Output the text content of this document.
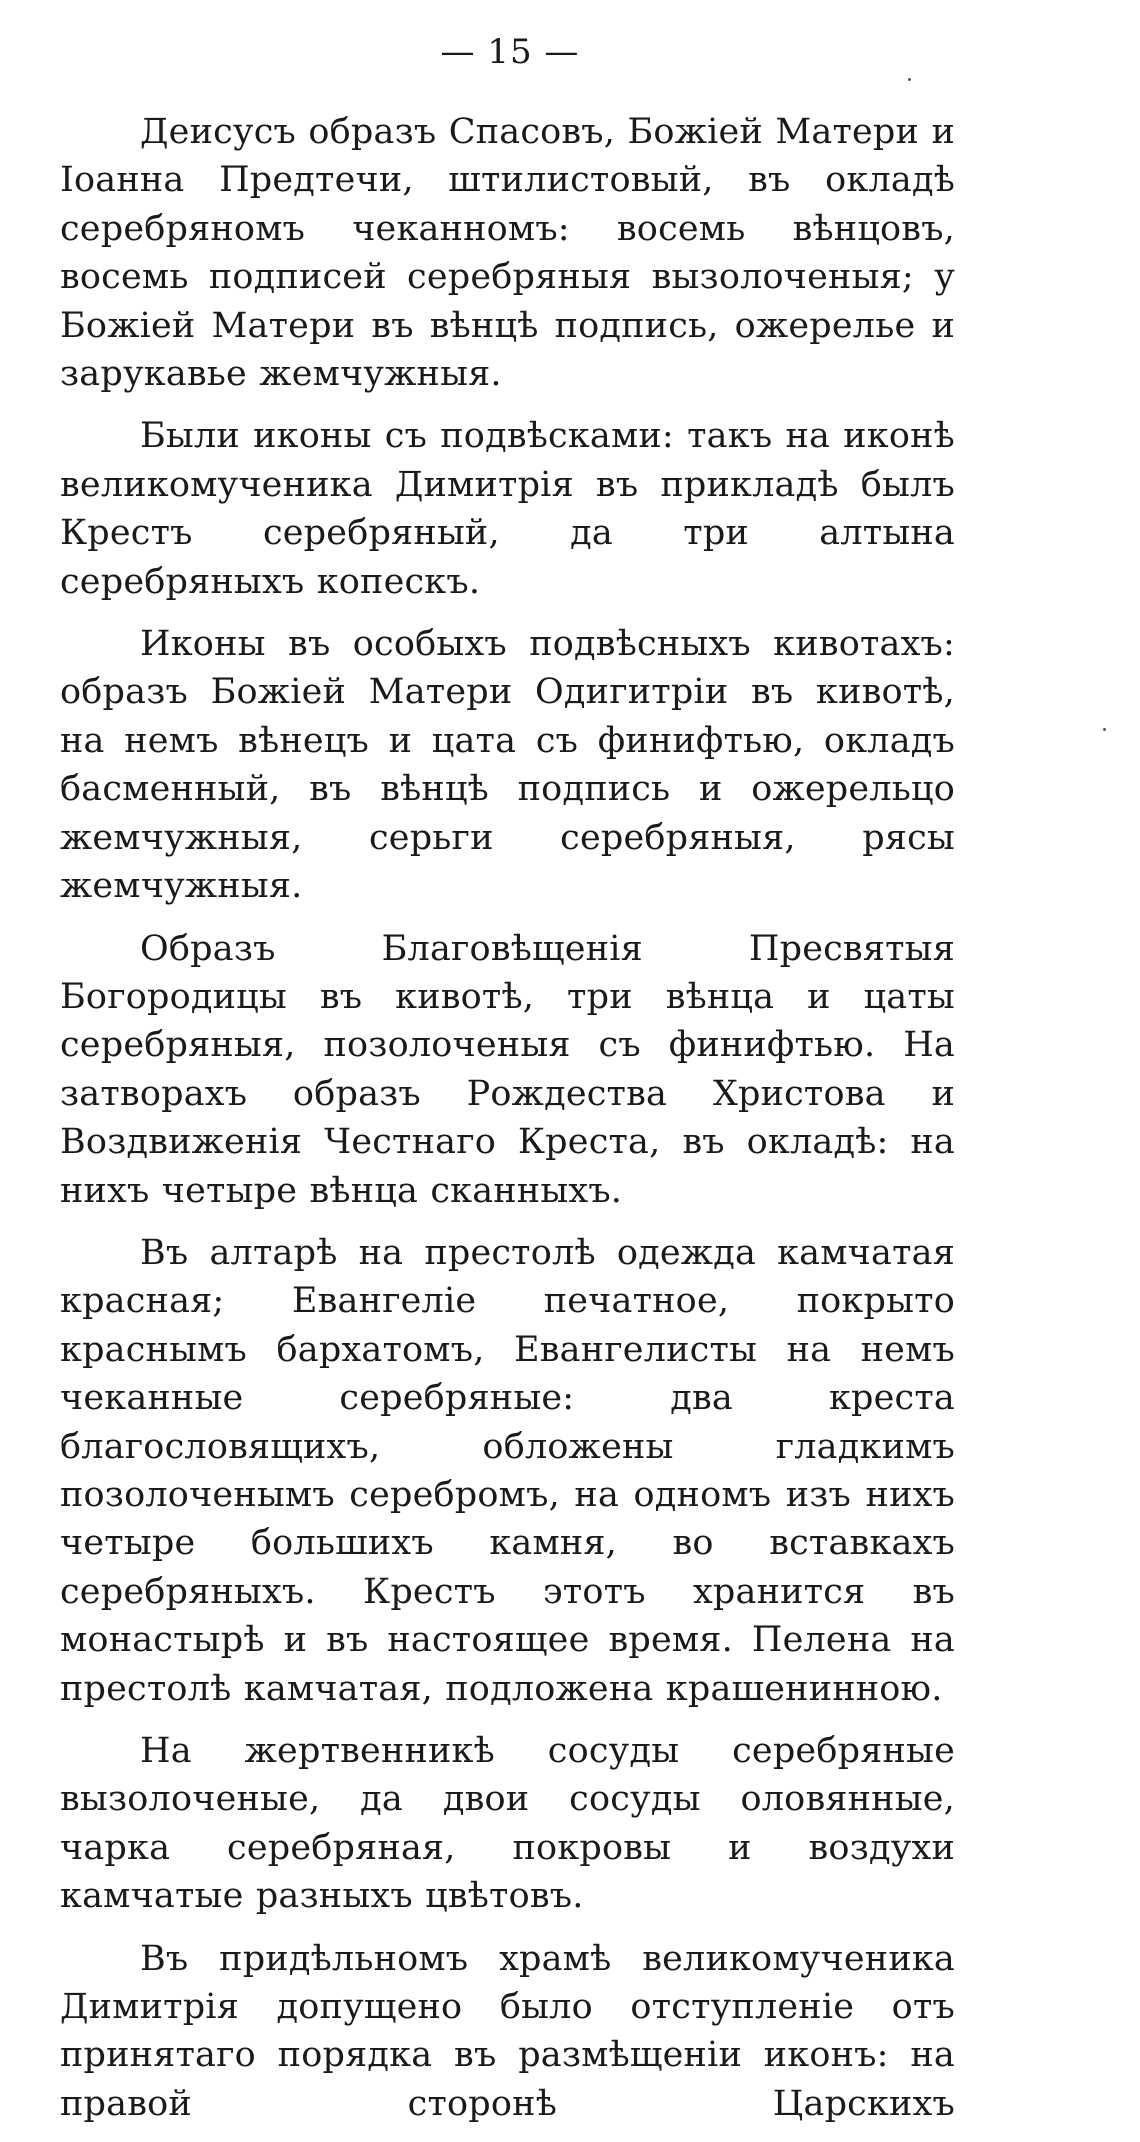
— 15 —

Деисусъ образъ Спасовъ, Божіей Матери и Іоанна Предтечи, штилистовый, въ окладѣ серебряномъ чеканномъ: восемь вѣнцовъ, восемь подписей серебряныя вызолоченыя; у Божіей Матери въ вѣнцѣ подпись, ожерелье и зарукавье жемчужныя.

Были иконы съ подвѣсками: такъ на иконѣ великомученика Димитрія въ прикладѣ былъ Крестъ серебряный, да три алтына серебряныхъ копескъ.

Иконы въ особыхъ подвѣсныхъ кивотахъ: образъ Божіей Матери Одигитріи въ кивотѣ, на немъ вѣнецъ и цата съ финифтью, окладъ басменный, въ вѣнцѣ подпись и ожерельцо жемчужныя, серьги серебряныя, рясы жемчужныя.

Образъ Благовѣщенія Пресвятыя Богородицы въ кивотѣ, три вѣнца и цаты серебряныя, позолоченыя съ финифтью. На затворахъ образъ Рождества Христова и Воздвиженія Честнаго Креста, въ окладѣ: на нихъ четыре вѣнца сканныхъ.

Въ алтарѣ на престолѣ одежда камчатая красная; Евангеліе печатное, покрыто краснымъ бархатомъ, Евангелисты на немъ чеканные серебряные: два креста благословящихъ, обложены гладкимъ позолоченымъ серебромъ, на одномъ изъ нихъ четыре большихъ камня, во вставкахъ серебряныхъ. Крестъ этотъ хранится въ монастырѣ и въ настоящее время. Пелена на престолѣ камчатая, подложена крашенинною.

На жертвенникѣ сосуды серебряные вызолоченые, да двои сосуды оловянные, чарка серебряная, покровы и воздухи камчатые разныхъ цвѣтовъ.

Въ придѣльномъ храмѣ великомученика Димитрія допущено было отступленіе отъ принятаго порядка въ размѣщеніи иконъ: на правой сторонѣ Царскихъ
